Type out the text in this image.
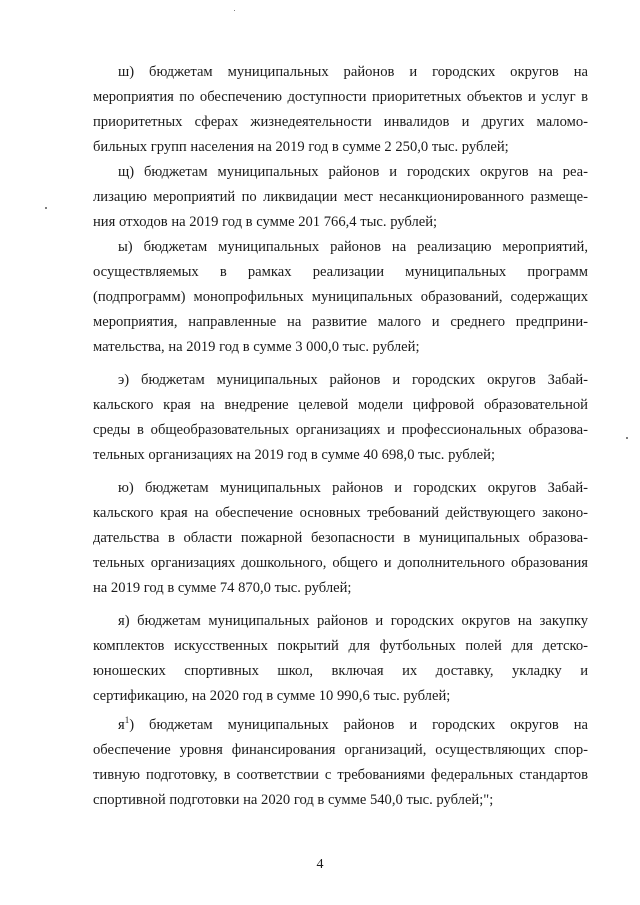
ш) бюджетам муниципальных районов и городских округов на
мероприятия по обеспечению доступности приоритетных объектов и услуг в
приоритетных сферах жизнедеятельности инвалидов и других маломо-
бильных групп населения на 2019 год в сумме 2 250,0 тыс. рублей;
щ) бюджетам муниципальных районов и городских округов на реа-
лизацию мероприятий по ликвидации мест несанкционированного размеще-
ния отходов на 2019 год в сумме 201 766,4 тыс. рублей;
ы) бюджетам муниципальных районов на реализацию мероприятий,
осуществляемых в рамках реализации муниципальных программ
(подпрограмм) монопрофильных муниципальных образований, содержащих
мероприятия, направленные на развитие малого и среднего предприни-
мательства, на 2019 год в сумме 3 000,0 тыс. рублей;
э) бюджетам муниципальных районов и городских округов Забай-
кальского края на внедрение целевой модели цифровой образовательной
среды в общеобразовательных организациях и профессиональных образова-
тельных организациях на 2019 год в сумме 40 698,0 тыс. рублей;
ю) бюджетам муниципальных районов и городских округов Забай-
кальского края на обеспечение основных требований действующего законо-
дательства в области пожарной безопасности в муниципальных образова-
тельных организациях дошкольного, общего и дополнительного образования
на 2019 год в сумме 74 870,0 тыс. рублей;
я) бюджетам муниципальных районов и городских округов на закупку
комплектов искусственных покрытий для футбольных полей для детско-
юношеских спортивных школ, включая их доставку, укладку и
сертификацию, на 2020 год в сумме 10 990,6 тыс. рублей;
$я^1$) бюджетам муниципальных районов и городских округов на
обеспечение уровня финансирования организаций, осуществляющих спор-
тивную подготовку, в соответствии с требованиями федеральных стандартов
спортивной подготовки на 2020 год в сумме 540,0 тыс. рублей;";
4
